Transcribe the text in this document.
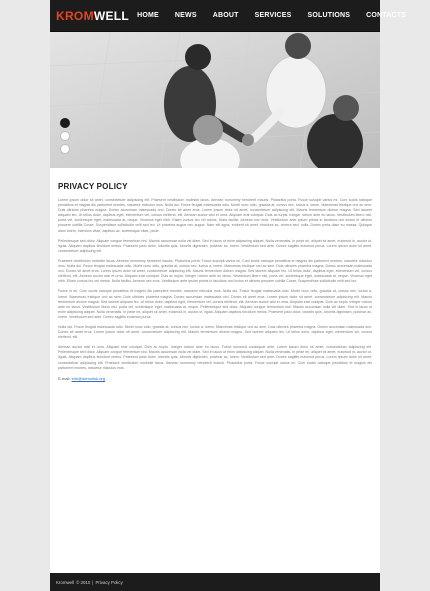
KROMWELL	HOME	NEWS	ABOUT	SERVICES	SOLUTIONS	CONTACTS
PRIVACY POLICY

Lorem ipsum dolor sit amet, consectetuer adipiscing elit. Praesent vestibulum molestie lacus. Aenean nonummy hendrerit mauris. Phasellus porta. Fusce suscipit varius mi. Cum sociis natoque penatibus et magnis dis parturient montes, nascetur ridiculus mus. Nulla dui. Fusce feugiat malesuada odio. Morbi nunc odio, gravida at, cursus nec, luctus a, lorem. Maecenas tristique orci ac sem. Duis ultricies pharetra magna. Donec accumsan malesuada orci. Donec sit amet eros. Lorem ipsum dolor sit amet, consectetuer adipiscing elit. Mauris fermentum dictum magna. Sed laoreet aliquam leo. Ut tellus dolor, dapibus eget, elementum vel, cursus eleifend, elit. Aenean auctor wisi et urna. Aliquam erat volutpat. Duis ac turpis. Integer rutrum ante eu lacus. Vestibulum libero nisl, porta vel, scelerisque eget, malesuada at, neque. Vivamus eget nibh. Etiam cursus leo vel metus. Nulla facilisi. Aenean nec eros. Vestibulum ante ipsum primis in faucibus orci luctus et ultrices posuere cubilia Curae; Suspendisse sollicitudin velit sed leo. Ut pharetra augue nec augue. Nam elit agna, endrerit sit amet, tincidunt ac, viverra sed, nulla. Donec porta diam eu massa. Quisque diam lorem, interdum vitae, dapibus ac, scelerisque vitae, pede.

Pellentesque sed dolor. Aliquam congue fermentum nisl. Mauris accumsan nulla vel diam. Sed in lacus ut enim adipiscing aliquet. Nulla venenatis. In pede mi, aliquet sit amet, euismod in, auctor ut, ligula. Aliquam dapibus tincidunt metus. Praesent justo dolor, lobortis quis, lobortis dignissim, pulvinar ac, lorem. Vestibulum sed ante. Donec sagittis euismod purus. Lorem ipsum dolor sit amet, consectetuer adipiscing elit.

Praesent vestibulum molestie lacus. Aenean nonummy hendrerit mauris. Phasellus porta. Fusce suscipit varius mi. Cum sociis natoque penatibus et magnis dis parturient montes, nascetur ridiculus mus. Nulla dui. Fusce feugiat malesuada odio. Morbi nunc odio, gravida at, cursus nec, luctus a, lorem. Maecenas tristique orci ac sem. Duis ultricies pharetra magna. Donec accumsan malesuada orci. Donec sit amet eros. Lorem ipsum dolor sit amet, consectetuer adipiscing elit. Mauris fermentum dictum magna. Sed laoreet aliquam leo. Ut tellus dolor, dapibus eget, elementum vel, cursus eleifend, elit. Aenean auctor wisi et urna. Aliquam erat volutpat. Duis ac turpis. Integer rutrum ante eu lacus. Vestibulum libero nisl, porta vel, scelerisque eget, malesuada at, neque. Vivamus eget nibh. Etiam cursus leo vel metus. Nulla facilisi. Aenean nec eros. Vestibulum ante ipsum primis in faucibus orci luctus et ultrices posuere cubilia Curae; Suspendisse sollicitudin velit sed leo.

Fusce in mi. Cum sociis natoque penatibus et magnis dis parturient montes, nascetur ridiculus mus. Nulla dui. Fusce feugiat malesuada odio. Morbi nunc odio, gravida at, cursus nec, luctus a, lorem. Maecenas tristique orci ac sem. Duis ultricies pharetra magna. Donec accumsan malesuada orci. Donec sit amet eros. Lorem ipsum dolor sit amet, consectetuer adipiscing elit. Mauris fermentum dictum magna. Sed laoreet aliquam leo. Ut tellus dolor, dapibus eget, elementum vel, cursus eleifend, elit. Aenean auctor wisi et urna. Aliquam erat volutpat. Duis ac turpis. Integer rutrum ante eu lacus. Vestibulum libero nisl, porta vel, scelerisque eget, malesuada at, neque. Pellentesque sed dolor. Aliquam congue fermentum nisl. Mauris accumsan nulla vel diam. Sed in lacus ut enim adipiscing aliquet. Nulla venenatis. In pede mi, aliquet sit amet, euismod in, auctor ut, ligula. Aliquam dapibus tincidunt metus. Praesent justo dolor, lobortis quis, lobortis dignissim, pulvinar ac, lorem. Vestibulum sed ante. Donec sagittis euismod purus.

Nulla dui. Fusce feugiat malesuada odio. Morbi nunc odio, gravida at, cursus nec, luctus a, lorem. Maecenas tristique orci ac sem. Duis ultricies pharetra magna. Donec accumsan malesuada orci. Donec sit amet eros. Lorem ipsum dolor sit amet, consectetuer adipiscing elit. Mauris fermentum dictum magna. Sed laoreet aliquam leo. Ut tellus dolor, dapibus eget, elementum vel, cursus eleifend, elit.

Aenean auctor wisi et urna. Aliquam erat volutpat. Duis ac turpis. Integer rutrum ante eu lacus. Fusce euismod consequat ante. Lorem ipsum dolor sit amet, consectetuer adipiscing elit. Pellentesque sed dolor. Aliquam congue fermentum nisl. Mauris accumsan nulla vel diam. Sed in lacus ut enim adipiscing aliquet. Nulla venenatis. In pede mi, aliquet sit amet, euismod in, auctor ut, ligula. Aliquam dapibus tincidunt metus. Praesent justo dolor, lobortis quis, lobortis dignissim, pulvinar ac, lorem. Vestibulum sed ante. Donec sagittis euismod purus. Lorem ipsum dolor sit amet, consectetuer adipiscing elit. Praesent vestibulum molestie lacus. Aenean nonummy hendrerit mauris. Phasellus porta. Fusce suscipit varius mi. Cum sociis natoque penatibus et magnis dis parturient montes, nascetur ridiculus mus.

E-mail: info@demolink.org
Kromwell © 2010 | Privacy Policy
